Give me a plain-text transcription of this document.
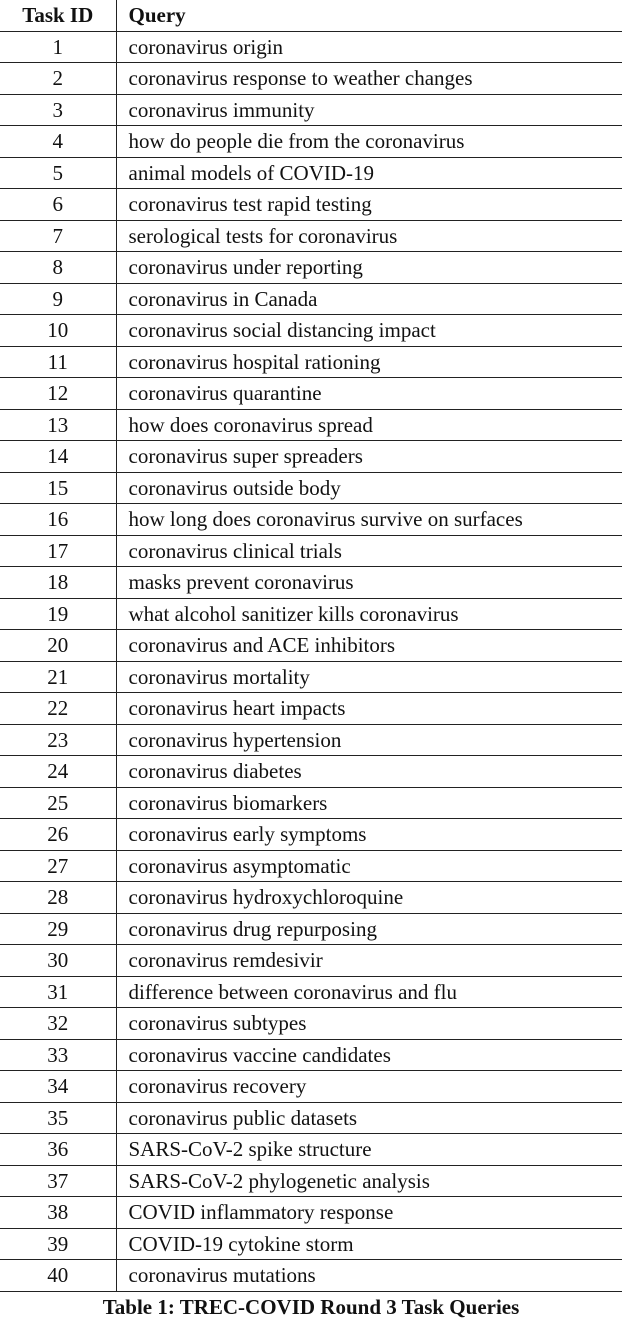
Task ID	Query
1	coronavirus origin
2	coronavirus response to weather changes
3	coronavirus immunity
4	how do people die from the coronavirus
5	animal models of COVID-19
6	coronavirus test rapid testing
7	serological tests for coronavirus
8	coronavirus under reporting
9	coronavirus in Canada
10	coronavirus social distancing impact
11	coronavirus hospital rationing
12	coronavirus quarantine
13	how does coronavirus spread
14	coronavirus super spreaders
15	coronavirus outside body
16	how long does coronavirus survive on surfaces
17	coronavirus clinical trials
18	masks prevent coronavirus
19	what alcohol sanitizer kills coronavirus
20	coronavirus and ACE inhibitors
21	coronavirus mortality
22	coronavirus heart impacts
23	coronavirus hypertension
24	coronavirus diabetes
25	coronavirus biomarkers
26	coronavirus early symptoms
27	coronavirus asymptomatic
28	coronavirus hydroxychloroquine
29	coronavirus drug repurposing
30	coronavirus remdesivir
31	difference between coronavirus and flu
32	coronavirus subtypes
33	coronavirus vaccine candidates
34	coronavirus recovery
35	coronavirus public datasets
36	SARS-CoV-2 spike structure
37	SARS-CoV-2 phylogenetic analysis
38	COVID inflammatory response
39	COVID-19 cytokine storm
40	coronavirus mutations
Table 1: TREC-COVID Round 3 Task Queries
